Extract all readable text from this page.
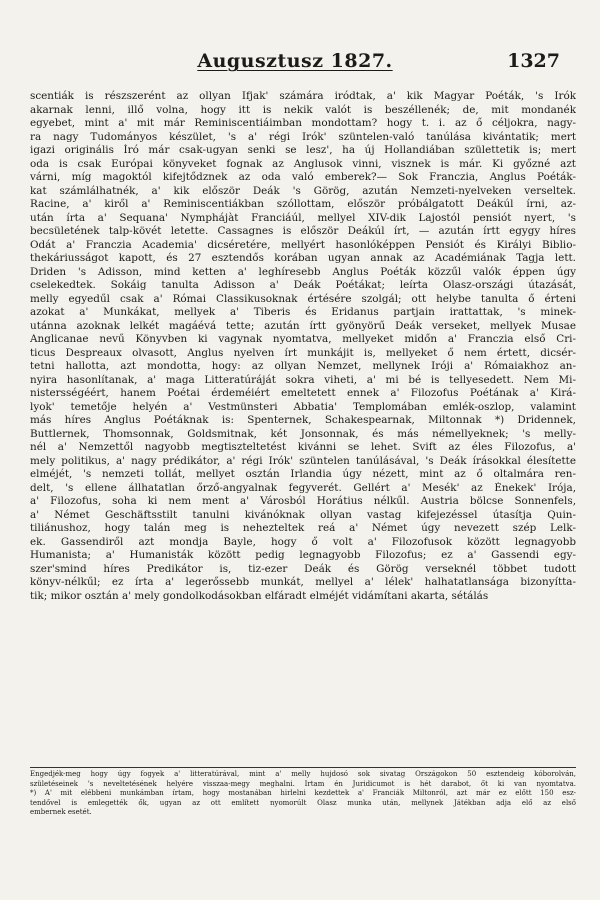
Augusztusz 1827.	1327
scentiák is részszerént az ollyan Ifjak' számára iródtak, a' kik Magyar Poéták, 's Irók
akarnak lenni, illő volna, hogy itt is nekik valót is beszéllenék; de, mit mondanék
egyebet, mint a' mit már Reminiscentiáimban mondottam? hogy t. i. az ő céljokra, nagy-
ra nagy Tudományos készület, 's a' régi Irók' szüntelen-való tanúlása kivántatik; mert
igazi originális Író már csak-ugyan senki se lesz', ha új Hollandiában születtetik is; mert
oda is csak Európai könyveket fognak az Anglusok vinni, visznek is már. Ki győzné azt
várni, míg magoktól kifejtődznek az oda való emberek?— Sok Franczia, Anglus Poéták-
kat számlálhatnék, a' kik először Deák 's Görög, azután Nemzeti-nyelveken verseltek.
Racine, a' kiről a' Reminiscentiákban szóllottam, először próbálgatott Deákúl írni, az-
után írta a' Sequana' Nymphájàt Franciáúl, mellyel XIV-dik Lajostól pensiót nyert, 's
becsületének talp-kövét letette. Cassagnes is először Deákúl írt, — azután írtt egygy híres
Odát a' Franczia Academia' dicséretére, mellyért hasonlóképpen Pensiót és Királyi Biblio-
thekáriusságot kapott, és 27 esztendős korában ugyan annak az Académiának Tagja lett.
Driden 's Adisson, mind ketten a' leghíresebb Anglus Poéták közzűl valók éppen úgy
cselekedtek. Sokáig tanulta Adisson a' Deák Poétákat; leírta Olasz-országi útazását,
melly egyedűl csak a' Római Classikusoknak értésére szolgál; ott helybe tanulta ő érteni
azokat a' Munkákat, mellyek a' Tiberis és Eridanus partjain irattattak, 's minek-
utánna azoknak lelkét magáévá tette; azután írtt gyönyörű Deák verseket, mellyek Musae
Anglicanae nevű Könyvben ki vagynak nyomtatva, mellyeket midőn a' Franczia első Cri-
ticus Despreaux olvasott, Anglus nyelven írt munkájit is, mellyeket ő nem értett, dicsér-
tetni hallotta, azt mondotta, hogy: az ollyan Nemzet, mellynek Iróji a' Rómaiakhoz an-
nyira hasonlítanak, a' maga Litteratúráját sokra viheti, a' mi bé is tellyesedett. Nem Mi-
nistersségéért, hanem Poétai érdeméiért emeltetett ennek a' Filozofus Poétának a' Kirá-
lyok' temetője helyén a' Vestmünsteri Abbatia' Templomában emlék-oszlop, valamint
más híres Anglus Poétáknak is: Spenternek, Schakespearnak, Miltonnak *) Dridennek,
Buttlernek, Thomsonnak, Goldsmitnak, két Jonsonnak, és más némellyeknek; 's melly-
nél a' Nemzettől nagyobb megtiszteltetést kivánni se lehet. Svift az éles Filozofus, a'
mely politikus, a' nagy prédikátor, a' régi Irók' szüntelen tanúlásával, 's Deák írásokkal élesítette
elméjét, 's nemzeti tollát, mellyet osztán Irlandia úgy nézett, mint az ő oltalmára ren-
delt, 's ellene állhatatlan őrző-angyalnak fegyverét. Gellért a' Mesék' az Énekek' Irója,
a' Filozofus, soha ki nem ment a' Városból Horátius nélkűl. Austria bölcse Sonnenfels,
a' Német Geschäftsstilt tanulni kivánóknak ollyan vastag kifejezéssel útasítja Quin-
tiliánushoz, hogy talán meg is nehezteltek reá a' Német úgy nevezett szép Lelk-
ek. Gassendiről azt mondja Bayle, hogy ő volt a' Filozofusok között legnagyobb
Humanista; a' Humanisták között pedig legnagyobb Filozofus; ez a' Gassendi egy-
szer'smind híres Predikátor is, tiz-ezer Deák és Görög verseknél többet tudott
könyv-nélkűl; ez írta a' legerőssebb munkát, mellyel a' lélek' halhatatlansága bizonyítta-
tik; mikor osztán a' mely gondolkodásokban elfáradt elméjét vidámítani akarta, sétálás
Engedjék-meg hogy úgy fogyek a' litteratúrával, mint a' melly hujdosó sok sivatag Országokon 50 esztendeig kóborolván,
születéseinek 's neveltetésének helyére visszaa-megy meghalni. Irtam én Juridicumot is hét darabot, őt ki van nyomtatva.
*) A' mit elébbeni munkámban írtam, hogy mostanában hirlelni kezdettek a' Franciák Miltonról, azt már ez előtt 150 esz-
tendővel is emlegették ők, ugyan az ott említett nyomorúlt Olasz munka után, mellynek Játékban adja elő az első
embernek esetét.
